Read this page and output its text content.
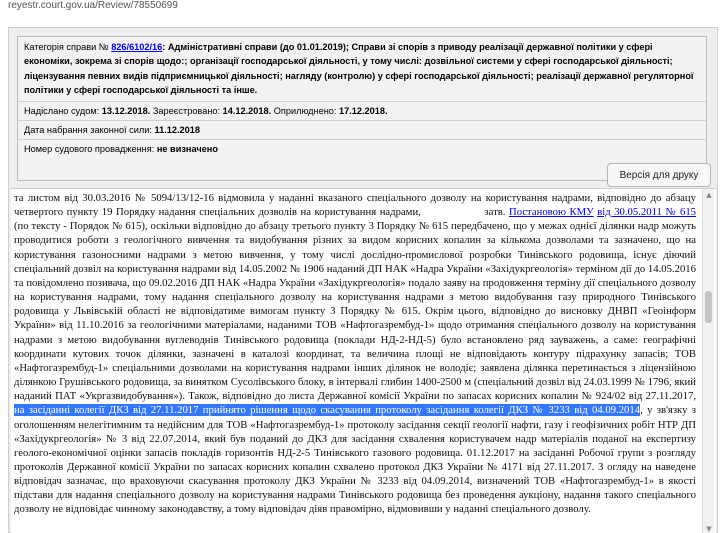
reyestr.court.gov.ua/Review/78550699
Категорія справи № 826/6102/16: Адміністративні справи (до 01.01.2019); Справи зі спорів з приводу реалізації державної політики у сфері економіки, зокрема зі спорів щодо:; організації господарської діяльності, у тому числі: дозвільної системи у сфері господарської діяльності; ліцензування певних видів підприємницької діяльності; нагляду (контролю) у сфері господарської діяльності; реалізації державної регуляторної політики у сфері господарської діяльності та інше.
Надіслано судом: 13.12.2018. Зареєстровано: 14.12.2018. Оприлюднено: 17.12.2018.
Дата набрання законної сили: 11.12.2018
Номер судового провадження: не визначено
Версія для друку

та листом від 30.03.2016 № 5094/13/12-16 відмовила у наданні вказаного спеціального дозволу на користування надрами, відповідно до абзацу четвертого пункту 19 Порядку надання спеціальних дозволів на користування надрами,	затв. Постановою КМУ від 30.05.2011 № 615 (по тексту - Порядок № 615), оскільки відповідно до абзацу третього пункту 3 Порядку № 615 передбачено, що у межах однієї ділянки надр можуть проводитися роботи з геологічного вивчення та видобування різних за видом корисних копалин за кількома дозволами та зазначено, що на користування газоносними надрами з метою вивчення, у тому числі дослідно-промислової розробки Тинівського родовища, існує діючий спеціальний дозвіл на користування надрами від 14.05.2002 № 1906 наданий ДП НАК «Надра України «Західукргеологія» терміном дії до 14.05.2016 та повідомлено позивача, що 09.02.2016 ДП НАК «Надра України «Західукргеологія» подало заяву на продовження терміну дії спеціального дозволу на користування надрами, тому надання спеціального дозволу на користування надрами з метою видобування газу природного Тинівського родовища у Львівській області не відповідатиме вимогам пункту 3 Порядку № 615. Окрім цього, відповідно до висновку ДНВП «Геоінформ України» від 11.10.2016 за геологічними матеріалами, наданими ТОВ «Нафтогазрембуд-1» щодо отримання спеціального дозволу на користування надрами з метою видобування вуглеводнів Тинівського родовища (поклади НД-2-НД-5) було встановлено ряд зауважень, а саме: географічні координати кутових точок ділянки, зазначені в каталозі координат, та величина площі не відповідають контуру підрахунку запасів; ТОВ «Нафтогазрембуд-1» спеціальними дозволами на користування надрами інших ділянок не володіє; заявлена ділянка перетинається з ліцензійною ділянкою Грушівського родовища, за винятком Сусолівського блоку, в інтервалі глибин 1400-2500 м (спеціальний дозвіл від 24.03.1999 № 1796, який наданий ПАТ «Укргазвидобування»). Також, відповідно до листа Державної комісії України по запасах корисних копалин № 924/02 від 27.11.2017, на засіданні колегії ДКЗ від 27.11.2017 прийнято рішення щодо скасування протоколу засідання колегії ДКЗ № 3233 від 04.09.2014, у зв'язку з оголошенням нелегітимним та недійсним для ТОВ «Нафтогазрембуд-1» протоколу засідання секції геології нафти, газу і геофізичних робіт НТР ДП «Західукргеологія» № 3 від 22.07.2014, який був поданий до ДКЗ для засідання схвалення користувачем надр матеріалів поданої на експертизу геолого-економічної оцінки запасів покладів горизонтів НД-2-5 Тинівського газового родовища. 01.12.2017 на засіданні Робочої групи з розгляду протоколів Державної комісії України по запасах корисних копалин схвалено протокол ДКЗ України № 4171 від 27.11.2017. З огляду на наведене відповідач зазначає, що враховуючи скасування протоколу ДКЗ України № 3233 від 04.09.2014, визначений ТОВ «Нафтогазрембуд-1» в якості підстави для надання спеціального дозволу на користування надрами Тинівського родовища без проведення аукціону, надання такого спеціального дозволу не відповідає чинному законодавству, а тому відповідач діяв правомірно, відмовивши у наданні спеціального дозволу.

▲
▼
